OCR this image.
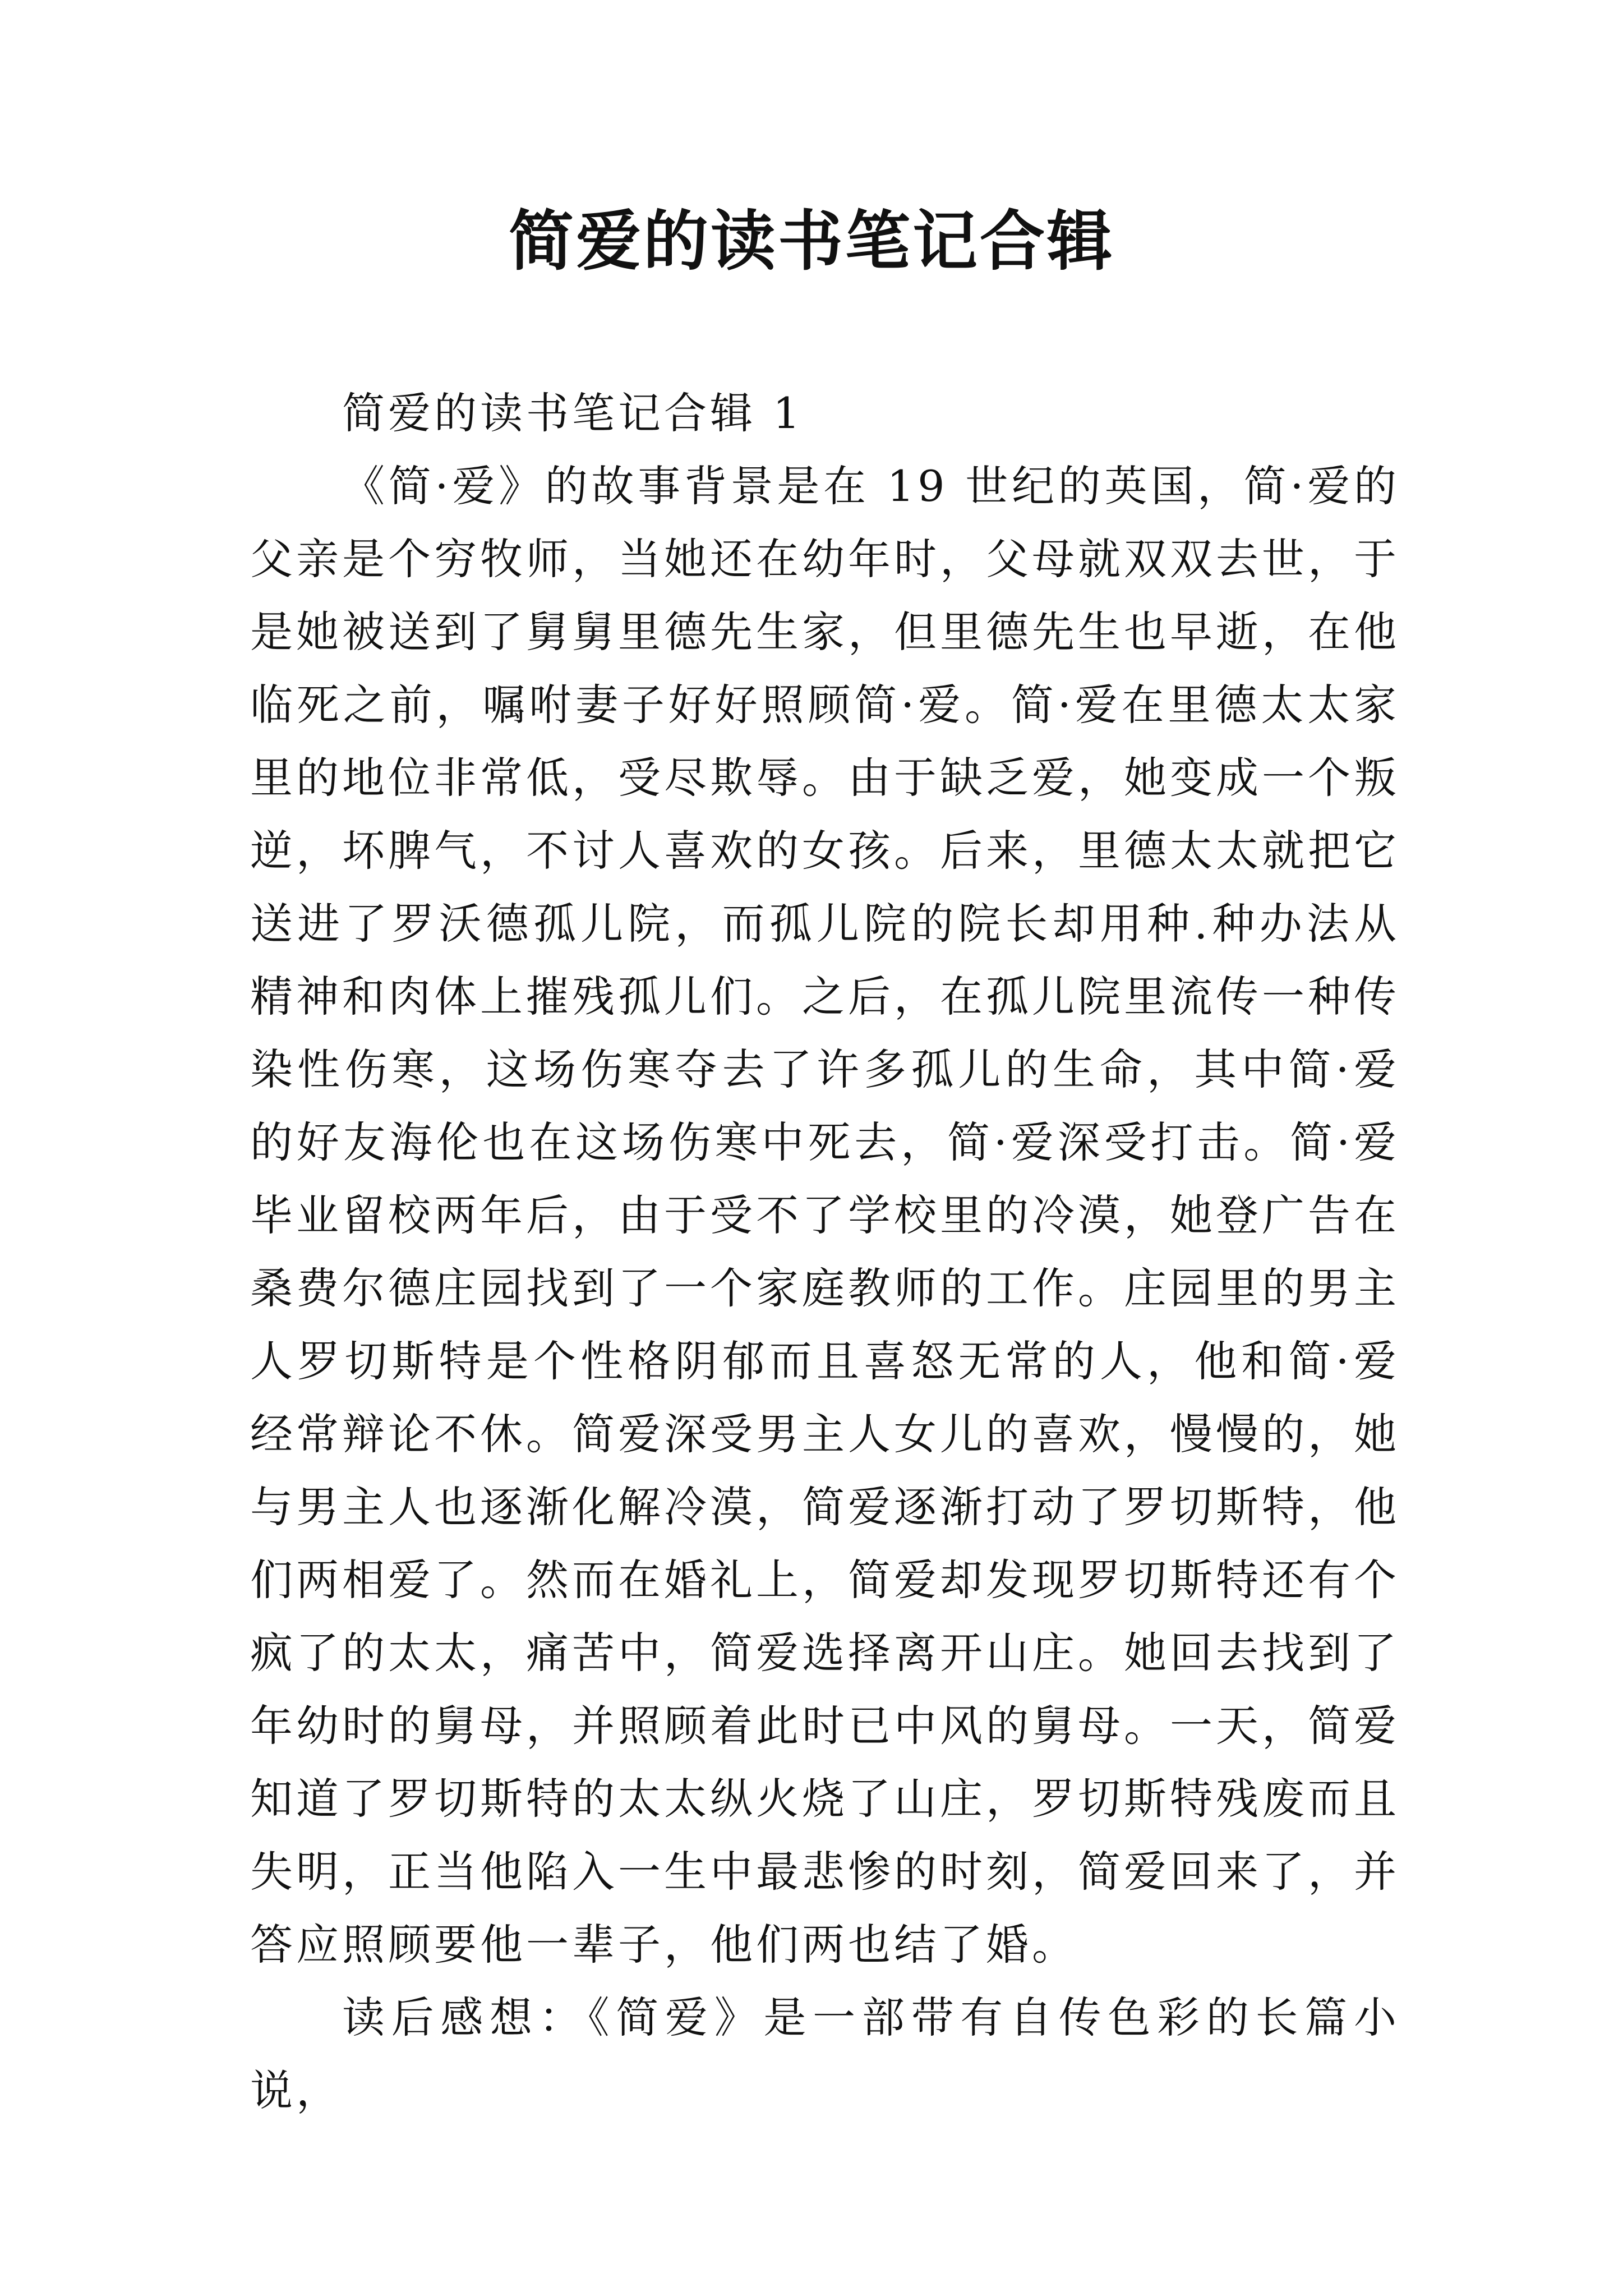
简爱的读书笔记合辑

简爱的读书笔记合辑 1

《简·爱》的故事背景是在 19 世纪的英国，简·爱的父亲是个穷牧师，当她还在幼年时，父母就双双去世，于是她被送到了舅舅里德先生家，但里德先生也早逝，在他临死之前，嘱咐妻子好好照顾简·爱。简·爱在里德太太家里的地位非常低，受尽欺辱。由于缺乏爱，她变成一个叛逆，坏脾气，不讨人喜欢的女孩。后来，里德太太就把它送进了罗沃德孤儿院，而孤儿院的院长却用种.种办法从精神和肉体上摧残孤儿们。之后，在孤儿院里流传一种传染性伤寒，这场伤寒夺去了许多孤儿的生命，其中简·爱的好友海伦也在这场伤寒中死去，简·爱深受打击。简·爱毕业留校两年后，由于受不了学校里的冷漠，她登广告在桑费尔德庄园找到了一个家庭教师的工作。庄园里的男主人罗切斯特是个性格阴郁而且喜怒无常的人，他和简·爱经常辩论不休。简爱深受男主人女儿的喜欢，慢慢的，她与男主人也逐渐化解冷漠，简爱逐渐打动了罗切斯特，他们两相爱了。然而在婚礼上，简爱却发现罗切斯特还有个疯了的太太，痛苦中，简爱选择离开山庄。她回去找到了年幼时的舅母，并照顾着此时已中风的舅母。一天，简爱知道了罗切斯特的太太纵火烧了山庄，罗切斯特残废而且失明，正当他陷入一生中最悲惨的时刻，简爱回来了，并答应照顾要他一辈子，他们两也结了婚。

读后感想：《简爱》是一部带有自传色彩的长篇小说，
